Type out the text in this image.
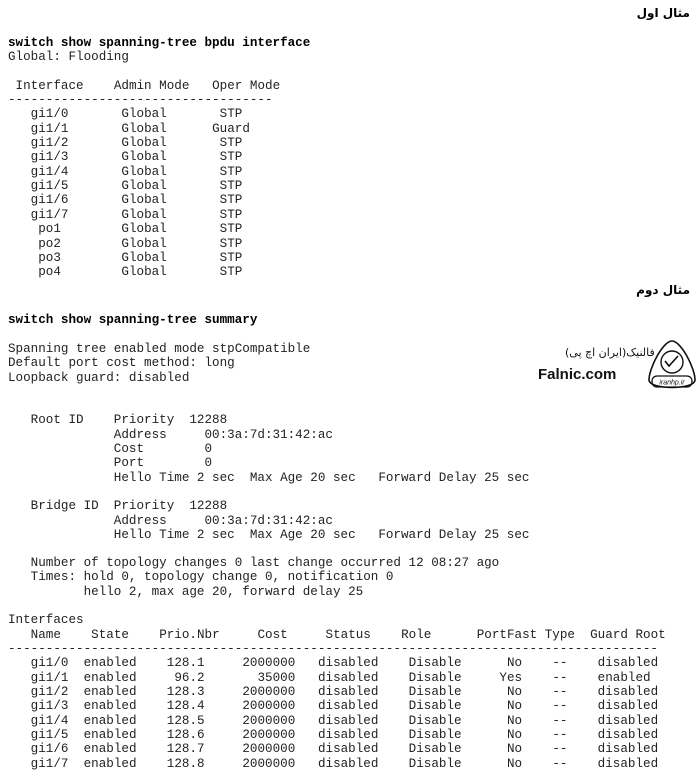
مثال اول
switch show spanning-tree bpdu interface
Global: Flooding
Interface Admin Mode Oper Mode
-----------------------------------
gi1/0	Global	STP
gi1/1	Global	Guard
gi1/2	Global	STP
gi1/3	Global	STP
gi1/4	Global	STP
gi1/5	Global	STP
gi1/6	Global	STP
gi1/7	Global	STP
po1	Global	STP
po2	Global	STP
po3	Global	STP
po4	Global	STP
مثال دوم
switch show spanning-tree summary
Spanning tree enabled mode stpCompatible
Default port cost method: long
Loopback guard: disabled
Root ID    Priority  12288
Address     00:3a:7d:31:42:ac
Cost        0
Port        0
Hello Time 2 sec  Max Age 20 sec   Forward Delay 25 sec
Bridge ID  Priority  12288
Address     00:3a:7d:31:42:ac
Hello Time 2 sec  Max Age 20 sec   Forward Delay 25 sec
Number of topology changes 0 last change occurred 12 08:27 ago
Times: hold 0, topology change 0, notification 0
hello 2, max age 20, forward delay 25
Interfaces
Name State Prio.Nbr	Cost	Status Role	PortFast Type Guard Root
--------------------------------------------------------------------------------------
gi1/0 enabled 128.1	2000000 disabled Disable	No -- disabled
gi1/1 enabled	96.2	35000 disabled Disable	Yes -- enabled
gi1/2 enabled 128.3	2000000 disabled Disable	No -- disabled
gi1/3 enabled 128.4	2000000 disabled Disable	No -- disabled
gi1/4 enabled 128.5	2000000 disabled Disable	No -- disabled
gi1/5 enabled 128.6	2000000 disabled Disable	No -- disabled
gi1/6 enabled 128.7	2000000 disabled Disable	No -- disabled
gi1/7 enabled 128.8	2000000 disabled Disable	No -- disabled
فالنیک(ایران اچ پی)
Falnic.com	iranhp.ir
